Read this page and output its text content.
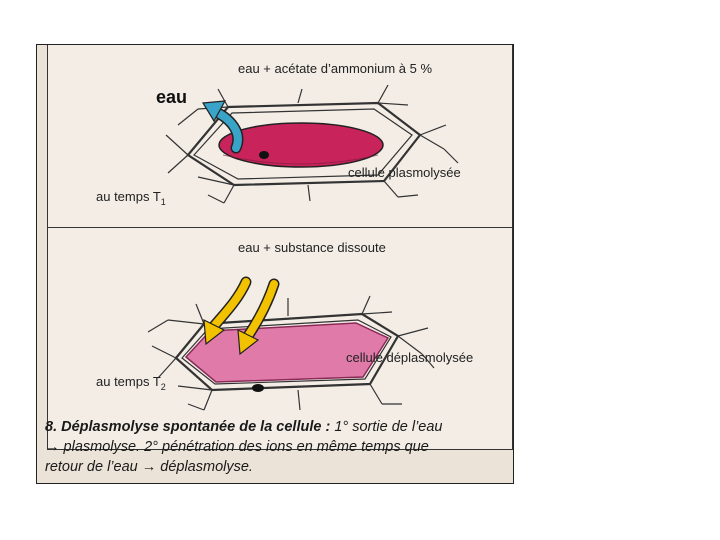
eau + acétate d’ammonium à 5 %
eau
cellule plasmolysée
au temps $T_1$
eau + substance dissoute
cellule déplasmolysée
au temps $T_2$
8. Déplasmolyse spontanée de la cellule : 1° sortie de l’eau
→ plasmolyse. 2° pénétration des ions en même temps que
retour de l’eau → déplasmolyse.
